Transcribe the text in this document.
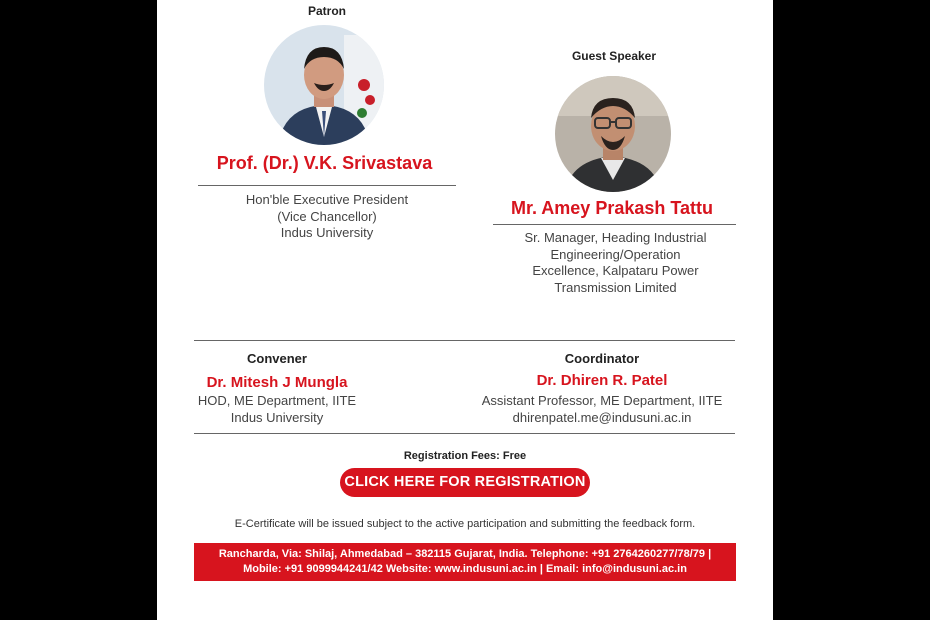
Patron
Prof. (Dr.) V.K. Srivastava
Hon'ble Executive President
(Vice Chancellor)
Indus University
Guest Speaker
Mr. Amey Prakash Tattu
Sr. Manager, Heading Industrial
Engineering/Operation
Excellence, Kalpataru Power
Transmission Limited
Convener
Dr. Mitesh J Mungla
HOD, ME Department, IITE
Indus University
Coordinator
Dr. Dhiren R. Patel
Assistant Professor, ME Department, IITE
dhirenpatel.me@indusuni.ac.in
Registration Fees: Free
CLICK HERE FOR REGISTRATION
E-Certificate will be issued subject to the active participation and submitting the feedback form.
Rancharda, Via: Shilaj, Ahmedabad – 382115 Gujarat, India. Telephone: +91 2764260277/78/79 |
Mobile: +91 9099944241/42 Website: www.indusuni.ac.in | Email: info@indusuni.ac.in
